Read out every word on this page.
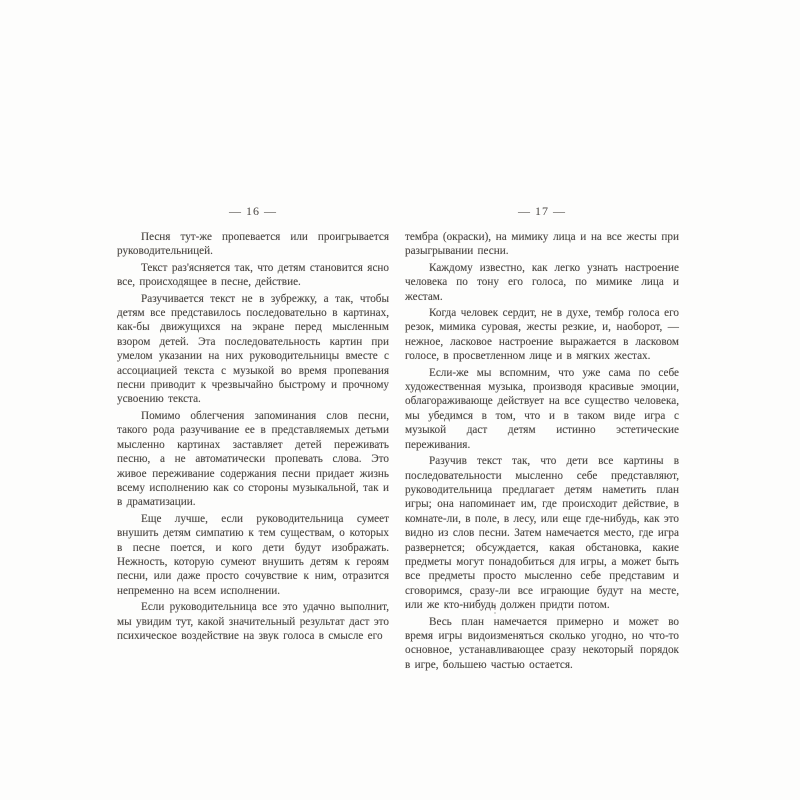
— 16 —

Песня тут-же пропевается или проигрывается руководительницей.

Текст раз'ясняется так, что детям становится ясно все, происходящее в песне, действие.

Разучивается текст не в зубрежку, а так, чтобы детям все представилось последовательно в картинах, как-бы движущихся на экране перед мысленным взором детей. Эта последовательность картин при умелом указании на них руководительницы вместе с ассоциацией текста с музыкой во время пропевания песни приводит к чрезвычайно быстрому и прочному усвоению текста.

Помимо облегчения запоминания слов песни, такого рода разучивание ее в представляемых детьми мысленно картинах заставляет детей переживать песню, а не автоматически пропевать слова. Это живое переживание содержания песни придает жизнь всему исполнению как со стороны музыкальной, так и в драматизации.

Еще лучше, если руководительница сумеет внушить детям симпатию к тем существам, о которых в песне поется, и кого дети будут изображать. Нежность, которую сумеют внушить детям к героям песни, или даже просто сочувствие к ним, отразится непременно на всем исполнении.

Если руководительница все это удачно выполнит, мы увидим тут, какой значительный результат даст это психическое воздействие на звук голоса в смысле его

— 17 —

тембра (окраски), на мимику лица и на все жесты при разыгрывании песни.

Каждому известно, как легко узнать настроение человека по тону его голоса, по мимике лица и жестам.

Когда человек сердит, не в духе, тембр голоса его резок, мимика суровая, жесты резкие, и, наоборот, — нежное, ласковое настроение выражается в ласковом голосе, в просветленном лице и в мягких жестах.

Если-же мы вспомним, что уже сама по себе художественная музыка, производя красивые эмоции, облагораживающе действует на все существо человека, мы убедимся в том, что и в таком виде игра с музыкой даст детям истинно эстетические переживания.

Разучив текст так, что дети все картины в последовательности мысленно себе представляют, руководительница предлагает детям наметить план игры; она напоминает им, где происходит действие, в комнате-ли, в поле, в лесу, или еще где-нибудь, как это видно из слов песни. Затем намечается место, где игра развернется; обсуждается, какая обстановка, какие предметы могут понадобиться для игры, а может быть все предметы просто мысленно себе представим и сговоримся, сразу-ли все играющие будут на месте, или же кто-нибудь должен придти потом.

Весь план намечается примерно и может во время игры видоизменяться сколько угодно, но что-то основное, устанавливающее сразу некоторый порядок в игре, большею частью остается.
